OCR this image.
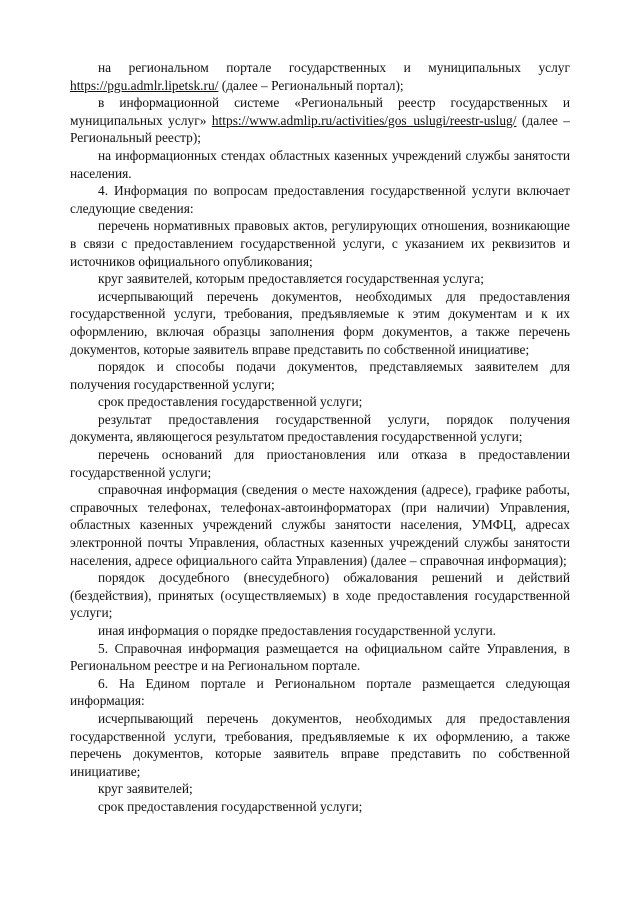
на региональном портале государственных и муниципальных услуг https://pgu.admlr.lipetsk.ru/ (далее – Региональный портал);

в информационной системе «Региональный реестр государственных и муниципальных услуг» https://www.admlip.ru/activities/gos_uslugi/reestr-uslug/ (далее – Региональный реестр);

на информационных стендах областных казенных учреждений службы занятости населения.

4. Информация по вопросам предоставления государственной услуги включает следующие сведения:

перечень нормативных правовых актов, регулирующих отношения, возникающие в связи с предоставлением государственной услуги, с указанием их реквизитов и источников официального опубликования;

круг заявителей, которым предоставляется государственная услуга;

исчерпывающий перечень документов, необходимых для предоставления государственной услуги, требования, предъявляемые к этим документам и к их оформлению, включая образцы заполнения форм документов, а также перечень документов, которые заявитель вправе представить по собственной инициативе;

порядок и способы подачи документов, представляемых заявителем для получения государственной услуги;

срок предоставления государственной услуги;

результат предоставления государственной услуги, порядок получения документа, являющегося результатом предоставления государственной услуги;

перечень оснований для приостановления или отказа в предоставлении государственной услуги;

справочная информация (сведения о месте нахождения (адресе), графике работы, справочных телефонах, телефонах-автоинформаторах (при наличии) Управления, областных казенных учреждений службы занятости населения, УМФЦ, адресах электронной почты Управления, областных казенных учреждений службы занятости населения, адресе официального сайта Управления) (далее – справочная информация);

порядок досудебного (внесудебного) обжалования решений и действий (бездействия), принятых (осуществляемых) в ходе предоставления государственной услуги;

иная информация о порядке предоставления государственной услуги.

5. Справочная информация размещается на официальном сайте Управления, в Региональном реестре и на Региональном портале.

6. На Едином портале и Региональном портале размещается следующая информация:

исчерпывающий перечень документов, необходимых для предоставления государственной услуги, требования, предъявляемые к их оформлению, а также перечень документов, которые заявитель вправе представить по собственной инициативе;

круг заявителей;

срок предоставления государственной услуги;
